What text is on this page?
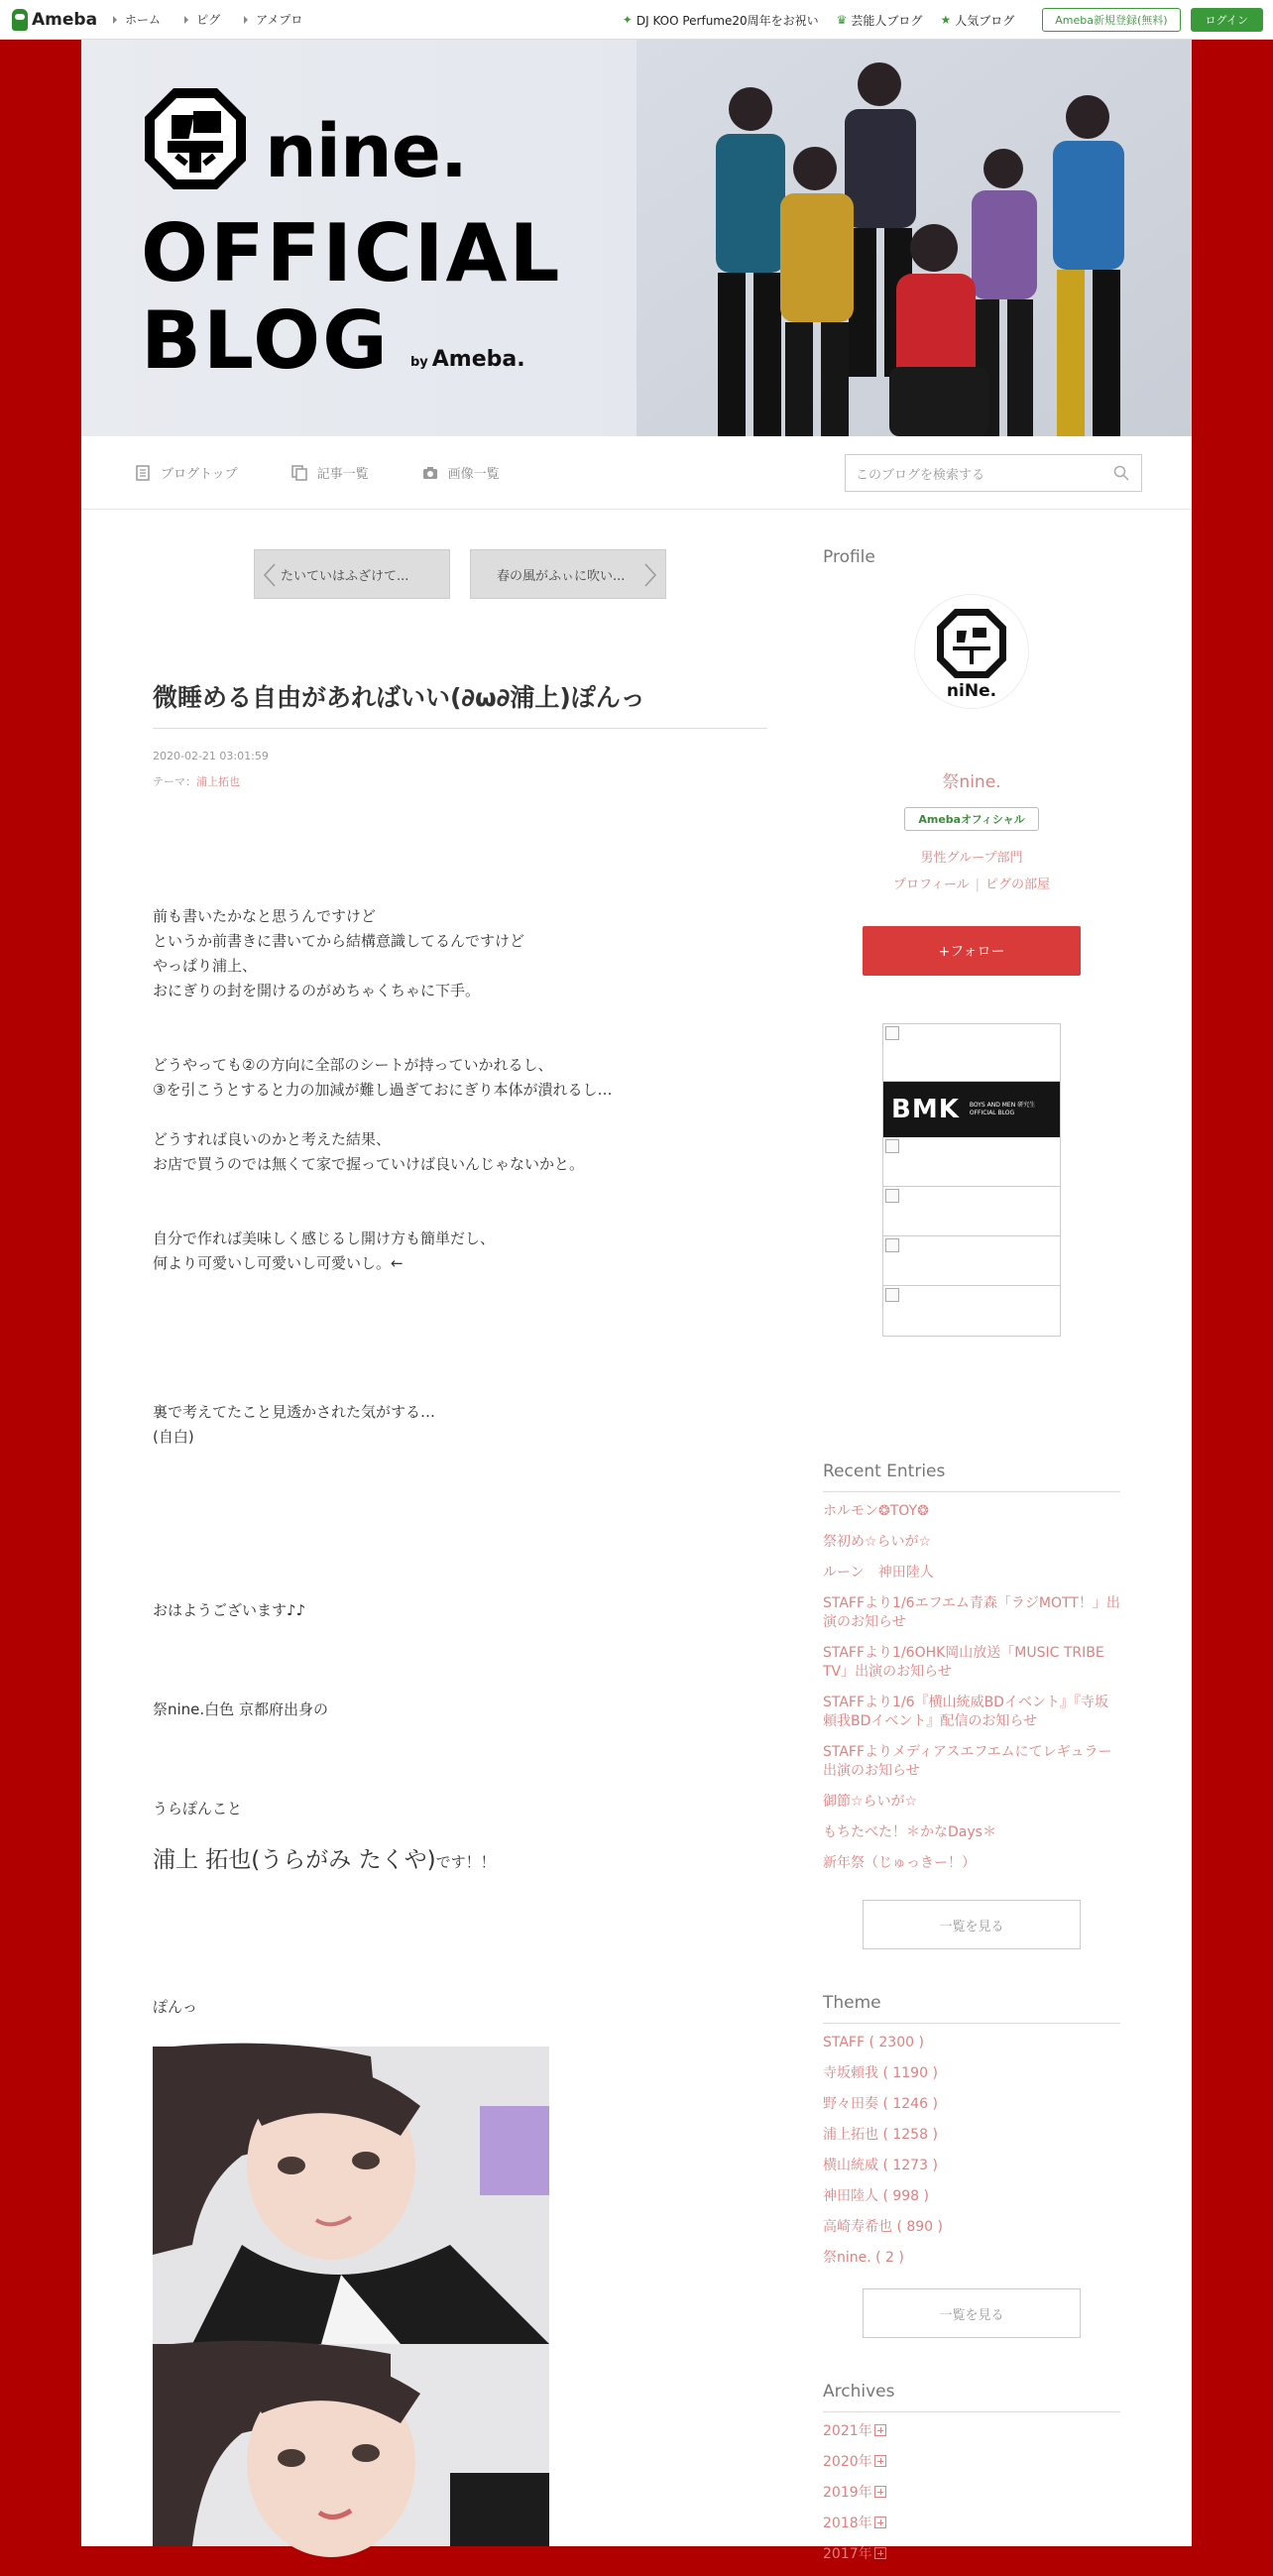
Ameba ホーム	ピグ	アメプロ	✦ DJ KOO Perfume20周年をお祝い ♛ 芸能人ブログ ★ 人気ブログ	Ameba新規登録(無料)	ログイン
nine.
OFFICIAL
BLOG	by Ameba.
ブログトップ	記事一覧	画像一覧	このブログを検索する
たいていはふざけて...	春の風がふぃに吹い...
微睡める自由があればいい(∂ω∂浦上)ぽんっ
2020-02-21 03:01:59
テーマ：浦上拓也
前も書いたかなと思うんですけど
というか前書きに書いてから結構意識してるんですけど
やっぱり浦上、
おにぎりの封を開けるのがめちゃくちゃに下手。
どうやっても②の方向に全部のシートが持っていかれるし、
③を引こうとすると力の加減が難し過ぎておにぎり本体が潰れるし…
どうすれば良いのかと考えた結果、
お店で買うのでは無くて家で握っていけば良いんじゃないかと。
自分で作れば美味しく感じるし開け方も簡単だし、
何より可愛いし可愛いし可愛いし。←
裏で考えてたこと見透かされた気がする…
(自白)
おはようございます♪♪
祭nine.白色 京都府出身の
うらぽんこと
浦上 拓也(うらがみ たくや)です！！
ぽんっ
Profile
niNe.
祭nine.
Amebaオフィシャル
男性グループ部門
プロフィール | ピグの部屋
+フォロー
BMK BOYS AND MEN 研究生
OFFICIAL BLOG
Recent Entries
ホルモン❂TOY❂
祭初め☆らいが☆
ルーン　神田陸人
STAFFより1/6エフエム青森「ラジMOTT！」出演のお知らせ
STAFFより1/6OHK岡山放送「MUSIC TRIBE TV」出演のお知らせ
STAFFより1/6『横山統威BDイベント』『寺坂頼我BDイベント』配信のお知らせ
STAFFよりメディアスエフエムにてレギュラー出演のお知らせ
御節☆らいが☆
もちたべた！＊かなDays＊
新年祭（じゅっきー！）
一覧を見る
Theme
STAFF ( 2300 )
寺坂頼我 ( 1190 )
野々田奏 ( 1246 )
浦上拓也 ( 1258 )
横山統威 ( 1273 )
神田陸人 ( 998 )
高崎寿希也 ( 890 )
祭nine. ( 2 )
一覧を見る
Archives
2021年
2020年
2019年
2018年
2017年
